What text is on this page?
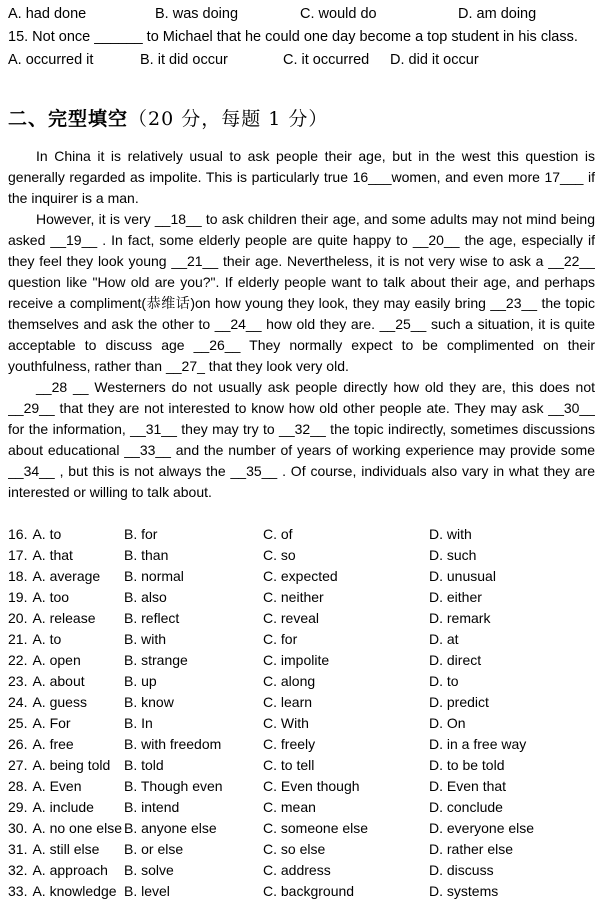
A. had done	B. was doing	C. would do	D. am doing
15. Not once ______ to Michael that he could one day become a top student in his class.
A. occurred it	B. it did occur	C. it occurred	D. did it occur
二、完型填空（20 分，每题 1 分）

In China it is relatively usual to ask people their age, but in the west this question is generally regarded as impolite. This is particularly true 16___women, and even more 17___ if the inquirer is a man.

However, it is very __18__ to ask children their age, and some adults may not mind being asked __19__ . In fact, some elderly people are quite happy to __20__ the age, especially if they feel they look young __21__ their age. Nevertheless, it is not very wise to ask a __22__ question like "How old are you?". If elderly people want to talk about their age, and perhaps receive a compliment(恭维话)on how young they look, they may easily bring __23__ the topic themselves and ask the other to __24__ how old they are. __25__ such a situation, it is quite acceptable to discuss age __26__ They normally expect to be complimented on their youthfulness, rather than __27_ that they look very old.

__28 __ Westerners do not usually ask people directly how old they are, this does not __29__ that they are not interested to know how old other people ate. They may ask __30__ for the information, __31__ they may try to __32__ the topic indirectly, sometimes discussions about educational __33__ and the number of years of working experience may provide some __34__ , but this is not always the __35__ . Of course, individuals also vary in what they are interested or willing to talk about.

16. A. to	B. for	C. of	D. with
17. A. that	B. than	C. so	D. such
18. A. average B. normal	C. expected	D. unusual
19. A. too	B. also	C. neither	D. either
20. A. release B. reflect	C. reveal	D. remark
21. A. to	B. with	C. for	D. at
22. A. open	B. strange	C. impolite	D. direct
23. A. about	B. up	C. along	D. to
24. A. guess	B. know	C. learn	D. predict
25. A. For	B. In	C. With	D. On
26. A. free	B. with freedom	C. freely	D. in a free way
27. A. being told B. told	C. to tell	D. to be told
28. A. Even	B. Though even	C. Even though	D. Even that
29. A. include B. intend	C. mean	D. conclude
30. A. no one else B. anyone else	C. someone else	D. everyone else
31. A. still else B. or else	C. so else	D. rather else
32. A. approach B. solve	C. address	D. discuss
33. A. knowledge B. level	C. background	D. systems
